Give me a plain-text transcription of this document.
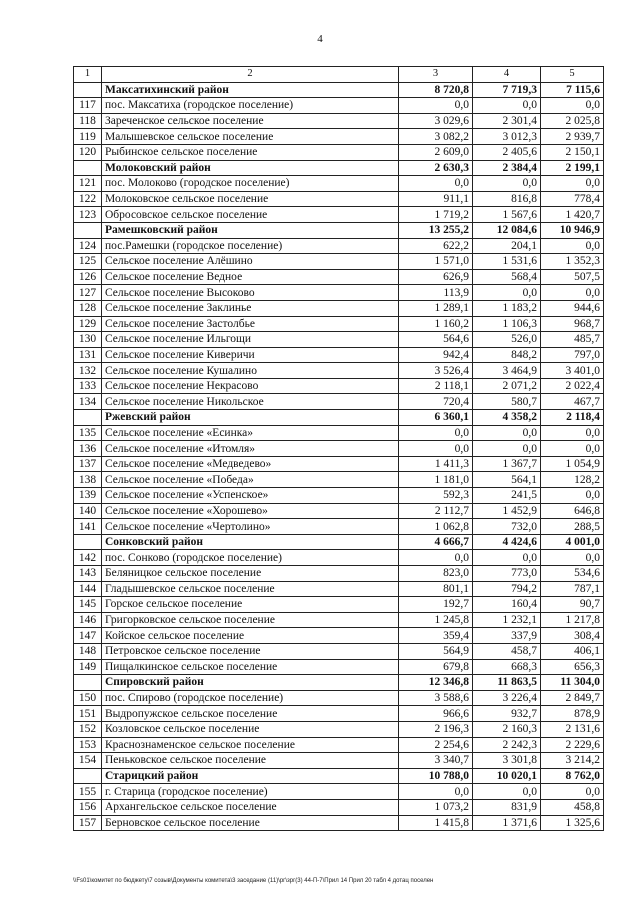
4
1	2	3	4	5
	Максатихинский район	8 720,8	7 719,3	7 115,6
117	пос. Максатиха (городское поселение)	0,0	0,0	0,0
118	Зареченское сельское поселение	3 029,6	2 301,4	2 025,8
119	Малышевское сельское поселение	3 082,2	3 012,3	2 939,7
120	Рыбинское сельское поселение	2 609,0	2 405,6	2 150,1
	Молоковский район	2 630,3	2 384,4	2 199,1
121	пос. Молоково (городское поселение)	0,0	0,0	0,0
122	Молоковское сельское поселение	911,1	816,8	778,4
123	Обросовское сельское поселение	1 719,2	1 567,6	1 420,7
	Рамешковский район	13 255,2	12 084,6	10 946,9
124	пос.Рамешки (городское поселение)	622,2	204,1	0,0
125	Сельское поселение Алёшино	1 571,0	1 531,6	1 352,3
126	Сельское поселение Ведное	626,9	568,4	507,5
127	Сельское поселение Высоково	113,9	0,0	0,0
128	Сельское поселение Заклинье	1 289,1	1 183,2	944,6
129	Сельское поселение Застолбье	1 160,2	1 106,3	968,7
130	Сельское поселение Ильгощи	564,6	526,0	485,7
131	Сельское поселение Киверичи	942,4	848,2	797,0
132	Сельское поселение Кушалино	3 526,4	3 464,9	3 401,0
133	Сельское поселение Некрасово	2 118,1	2 071,2	2 022,4
134	Сельское поселение Никольское	720,4	580,7	467,7
	Ржевский район	6 360,1	4 358,2	2 118,4
135	Сельское поселение «Есинка»	0,0	0,0	0,0
136	Сельское поселение «Итомля»	0,0	0,0	0,0
137	Сельское поселение «Медведево»	1 411,3	1 367,7	1 054,9
138	Сельское поселение «Победа»	1 181,0	564,1	128,2
139	Сельское поселение «Успенское»	592,3	241,5	0,0
140	Сельское поселение «Хорошево»	2 112,7	1 452,9	646,8
141	Сельское поселение «Чертолино»	1 062,8	732,0	288,5
	Сонковский район	4 666,7	4 424,6	4 001,0
142	пос. Сонково (городское поселение)	0,0	0,0	0,0
143	Беляницкое сельское поселение	823,0	773,0	534,6
144	Гладышевское сельское поселение	801,1	794,2	787,1
145	Горское сельское поселение	192,7	160,4	90,7
146	Григорковское сельское поселение	1 245,8	1 232,1	1 217,8
147	Койское сельское поселение	359,4	337,9	308,4
148	Петровское сельское поселение	564,9	458,7	406,1
149	Пищалкинское сельское поселение	679,8	668,3	656,3
	Спировский район	12 346,8	11 863,5	11 304,0
150	пос. Спирово (городское поселение)	3 588,6	3 226,4	2 849,7
151	Выдропужское сельское поселение	966,6	932,7	878,9
152	Козловское сельское поселение	2 196,3	2 160,3	2 131,6
153	Краснознаменское сельское поселение	2 254,6	2 242,3	2 229,6
154	Пеньковское сельское поселение	3 340,7	3 301,8	3 214,2
	Старицкий район	10 788,0	10 020,1	8 762,0
155	г. Старица (городское поселение)	0,0	0,0	0,0
156	Архангельское сельское поселение	1 073,2	831,9	458,8
157	Берновское сельское поселение	1 415,8	1 371,6	1 325,6
\\Fs01\комитет по бюджету\7 созыв\Документы комитета\3 заседание (11)\рг\зрг(3) 44-П-7\Прил 14 Прил 20 табл 4 дотац поселен
